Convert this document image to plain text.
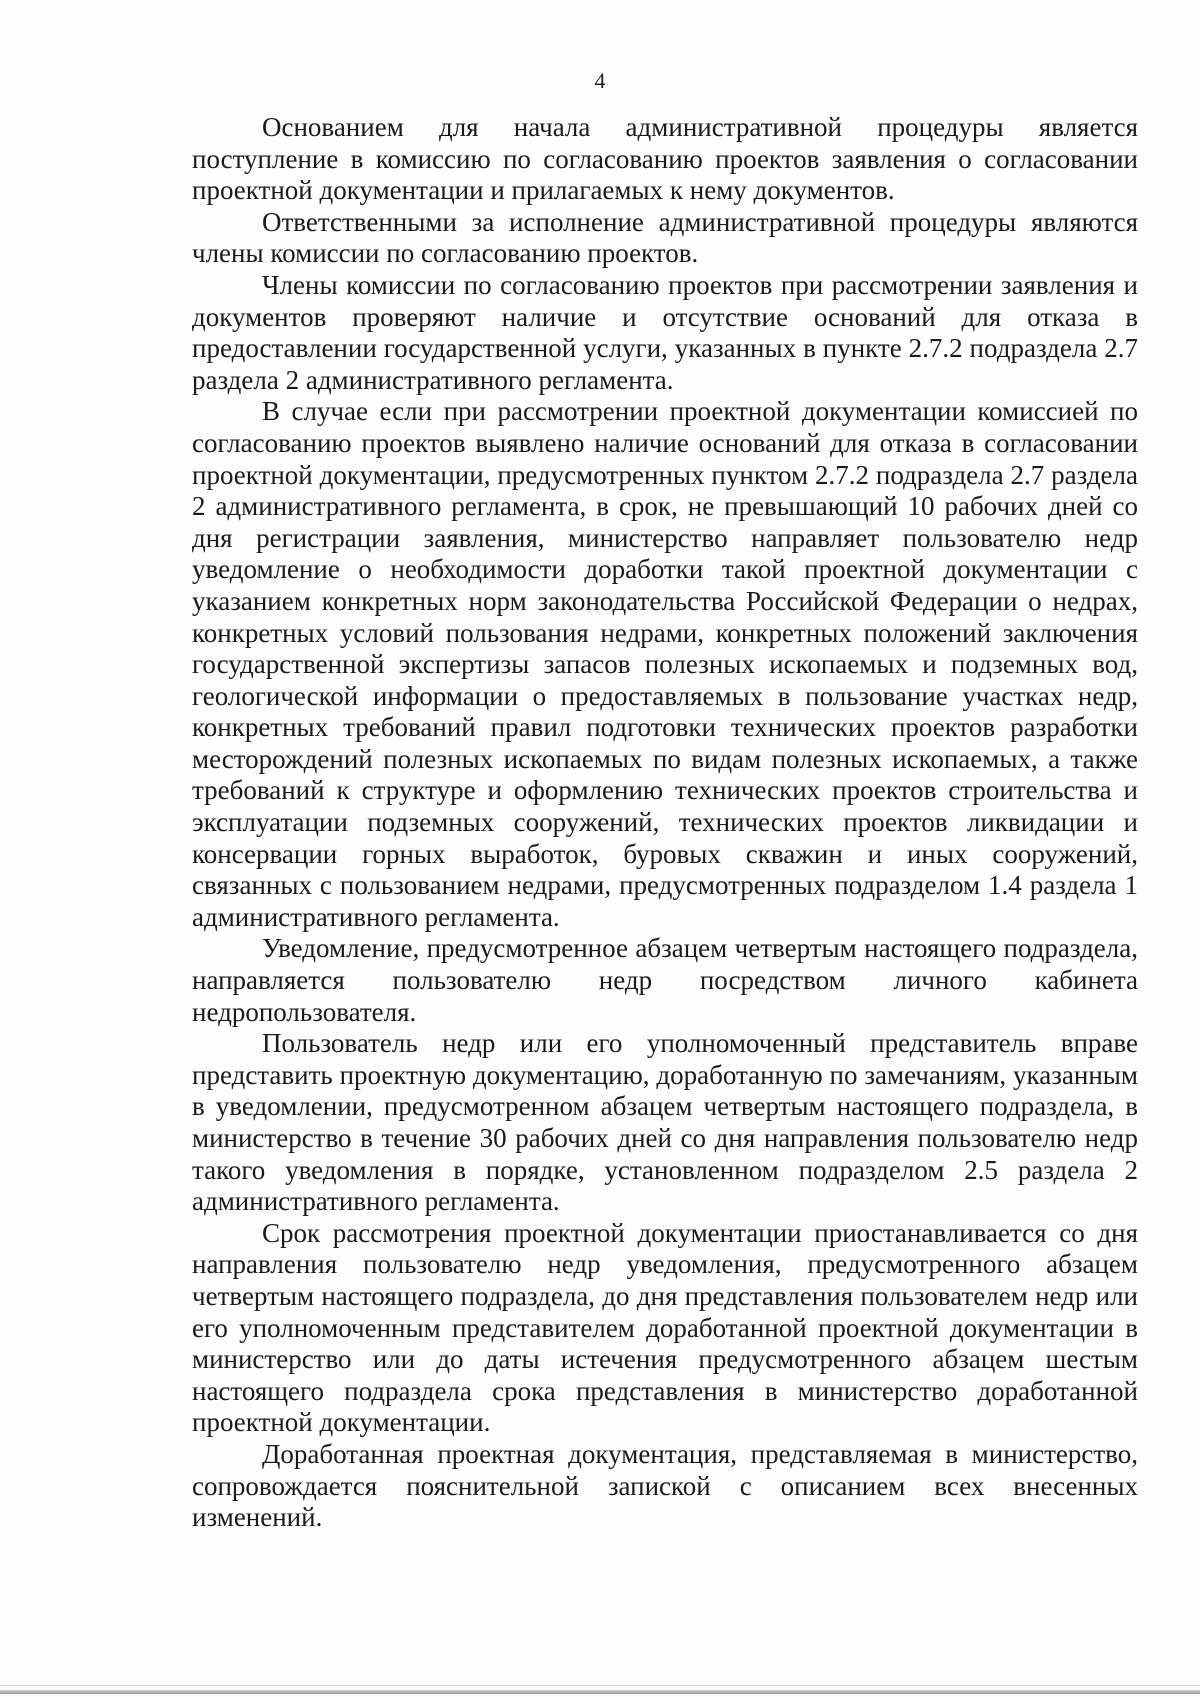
4

Основанием для начала административной процедуры является поступление в комиссию по согласованию проектов заявления о согласовании проектной документации и прилагаемых к нему документов.

Ответственными за исполнение административной процедуры являются члены комиссии по согласованию проектов.

Члены комиссии по согласованию проектов при рассмотрении заявления и документов проверяют наличие и отсутствие оснований для отказа в предоставлении государственной услуги, указанных в пункте 2.7.2 подраздела 2.7 раздела 2 административного регламента.

В случае если при рассмотрении проектной документации комиссией по согласованию проектов выявлено наличие оснований для отказа в согласовании проектной документации, предусмотренных пунктом 2.7.2 подраздела 2.7 раздела 2 административного регламента, в срок, не превышающий 10 рабочих дней со дня регистрации заявления, министерство направляет пользователю недр уведомление о необходимости доработки такой проектной документации с указанием конкретных норм законодательства Российской Федерации о недрах, конкретных условий пользования недрами, конкретных положений заключения государственной экспертизы запасов полезных ископаемых и подземных вод, геологической информации о предоставляемых в пользование участках недр, конкретных требований правил подготовки технических проектов разработки месторождений полезных ископаемых по видам полезных ископаемых, а также требований к структуре и оформлению технических проектов строительства и эксплуатации подземных сооружений, технических проектов ликвидации и консервации горных выработок, буровых скважин и иных сооружений, связанных с пользованием недрами, предусмотренных подразделом 1.4 раздела 1 административного регламента.

Уведомление, предусмотренное абзацем четвертым настоящего подраздела, направляется пользователю недр посредством личного кабинета недропользователя.

Пользователь недр или его уполномоченный представитель вправе представить проектную документацию, доработанную по замечаниям, указанным в уведомлении, предусмотренном абзацем четвертым настоящего подраздела, в министерство в течение 30 рабочих дней со дня направления пользователю недр такого уведомления в порядке, установленном подразделом 2.5 раздела 2 административного регламента.

Срок рассмотрения проектной документации приостанавливается со дня направления пользователю недр уведомления, предусмотренного абзацем четвертым настоящего подраздела, до дня представления пользователем недр или его уполномоченным представителем доработанной проектной документации в министерство или до даты истечения предусмотренного абзацем шестым настоящего подраздела срока представления в министерство доработанной проектной документации.

Доработанная проектная документация, представляемая в министерство, сопровождается пояснительной запиской с описанием всех внесенных изменений.
